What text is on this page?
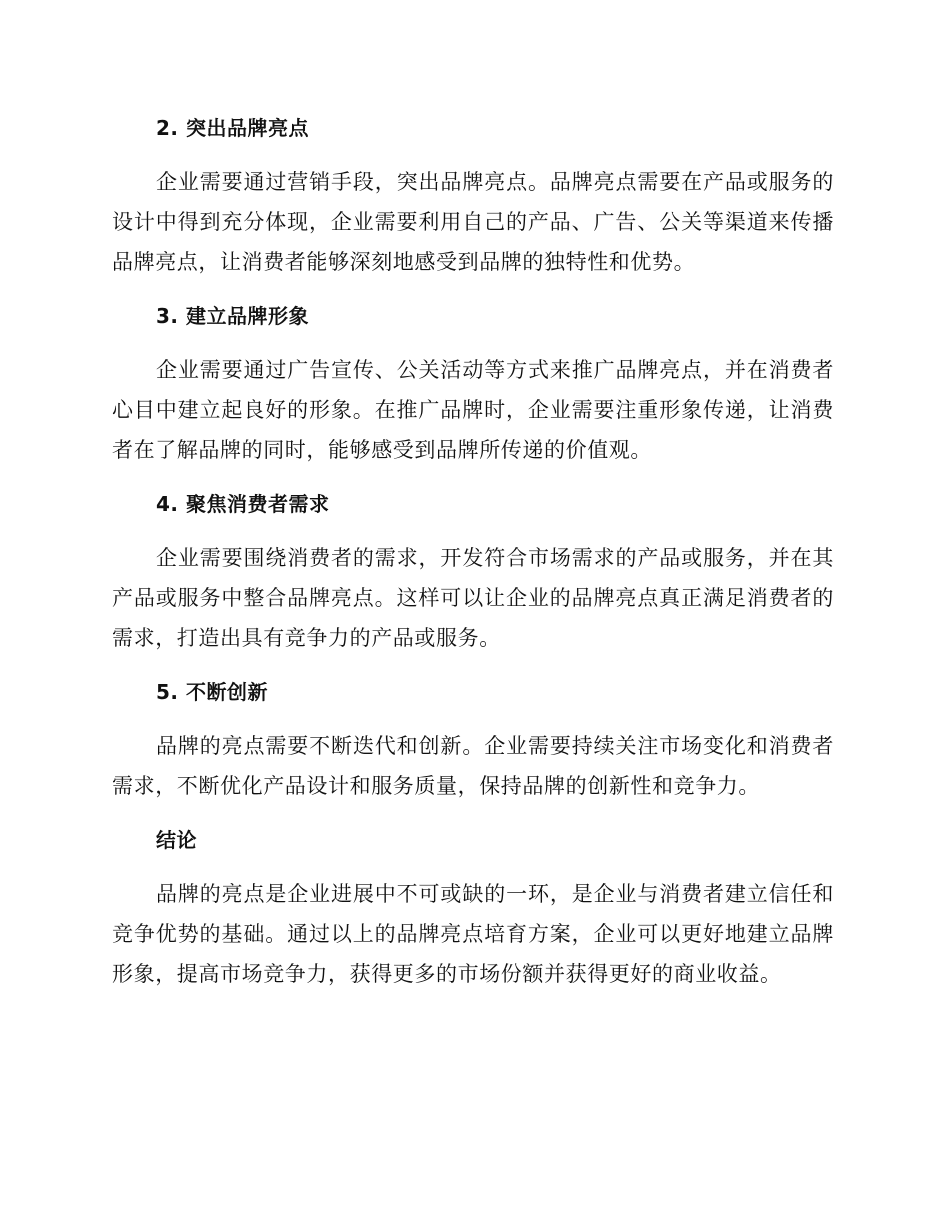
2. 突出品牌亮点

企业需要通过营销手段，突出品牌亮点。品牌亮点需要在产品或服务的设计中得到充分体现，企业需要利用自己的产品、广告、公关等渠道来传播品牌亮点，让消费者能够深刻地感受到品牌的独特性和优势。

3. 建立品牌形象

企业需要通过广告宣传、公关活动等方式来推广品牌亮点，并在消费者心目中建立起良好的形象。在推广品牌时，企业需要注重形象传递，让消费者在了解品牌的同时，能够感受到品牌所传递的价值观。

4. 聚焦消费者需求

企业需要围绕消费者的需求，开发符合市场需求的产品或服务，并在其产品或服务中整合品牌亮点。这样可以让企业的品牌亮点真正满足消费者的需求，打造出具有竞争力的产品或服务。

5. 不断创新

品牌的亮点需要不断迭代和创新。企业需要持续关注市场变化和消费者需求，不断优化产品设计和服务质量，保持品牌的创新性和竞争力。

结论

品牌的亮点是企业进展中不可或缺的一环，是企业与消费者建立信任和竞争优势的基础。通过以上的品牌亮点培育方案，企业可以更好地建立品牌形象，提高市场竞争力，获得更多的市场份额并获得更好的商业收益。
